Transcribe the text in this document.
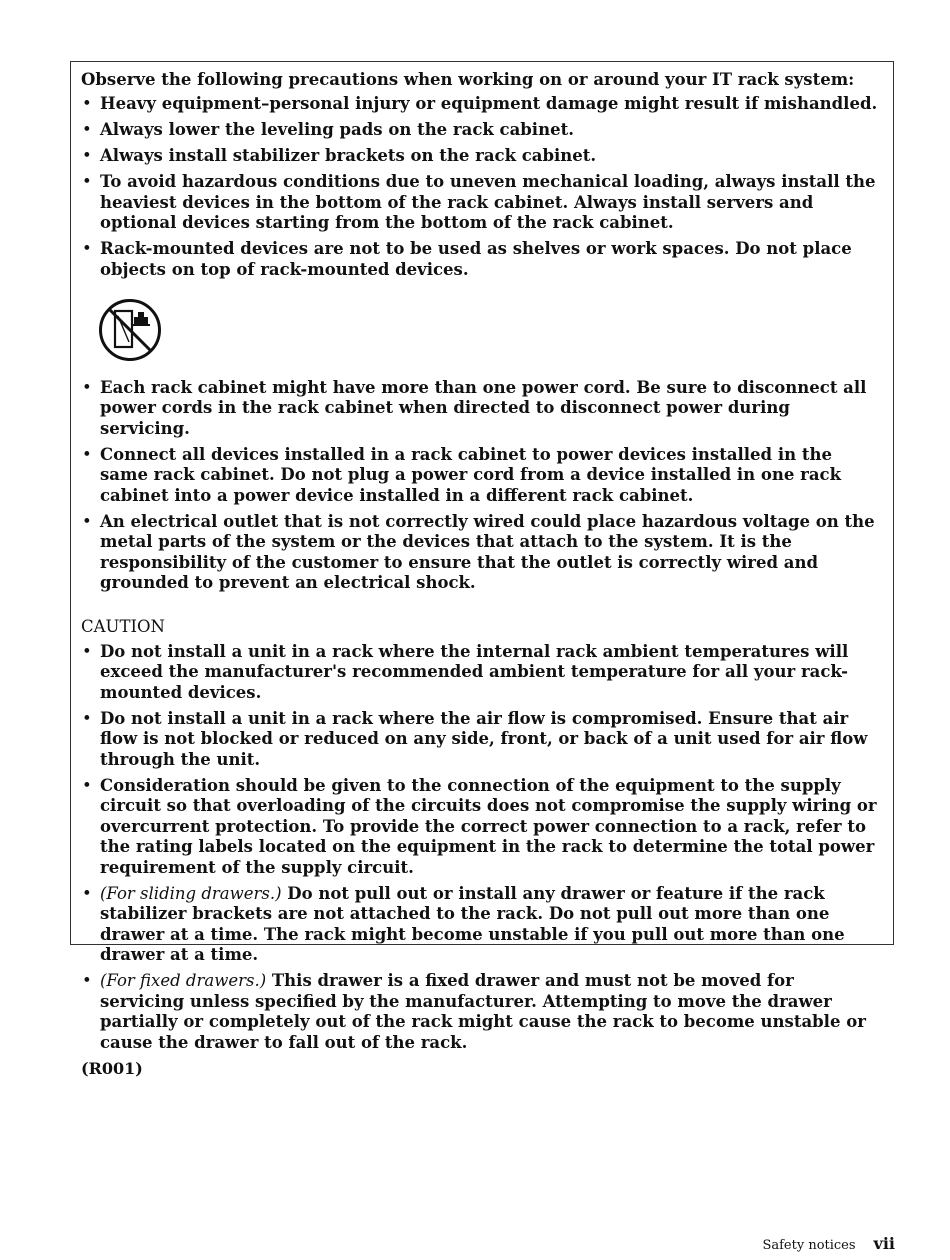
Observe the following precautions when working on or around your IT rack system:

• Heavy equipment–personal injury or equipment damage might result if mishandled.
• Always lower the leveling pads on the rack cabinet.
• Always install stabilizer brackets on the rack cabinet.
• To avoid hazardous conditions due to uneven mechanical loading, always install the heaviest devices in the bottom of the rack cabinet. Always install servers and optional devices starting from the bottom of the rack cabinet.
• Rack-mounted devices are not to be used as shelves or work spaces. Do not place objects on top of rack-mounted devices.
• Each rack cabinet might have more than one power cord. Be sure to disconnect all power cords in the rack cabinet when directed to disconnect power during servicing.
• Connect all devices installed in a rack cabinet to power devices installed in the same rack cabinet. Do not plug a power cord from a device installed in one rack cabinet into a power device installed in a different rack cabinet.
• An electrical outlet that is not correctly wired could place hazardous voltage on the metal parts of the system or the devices that attach to the system. It is the responsibility of the customer to ensure that the outlet is correctly wired and grounded to prevent an electrical shock.

CAUTION

• Do not install a unit in a rack where the internal rack ambient temperatures will exceed the manufacturer's recommended ambient temperature for all your rack-mounted devices.
• Do not install a unit in a rack where the air flow is compromised. Ensure that air flow is not blocked or reduced on any side, front, or back of a unit used for air flow through the unit.
• Consideration should be given to the connection of the equipment to the supply circuit so that overloading of the circuits does not compromise the supply wiring or overcurrent protection. To provide the correct power connection to a rack, refer to the rating labels located on the equipment in the rack to determine the total power requirement of the supply circuit.
• (For sliding drawers.) Do not pull out or install any drawer or feature if the rack stabilizer brackets are not attached to the rack. Do not pull out more than one drawer at a time. The rack might become unstable if you pull out more than one drawer at a time.
• (For fixed drawers.) This drawer is a fixed drawer and must not be moved for servicing unless specified by the manufacturer. Attempting to move the drawer partially or completely out of the rack might cause the rack to become unstable or cause the drawer to fall out of the rack.

(R001)

Safety notices vii
